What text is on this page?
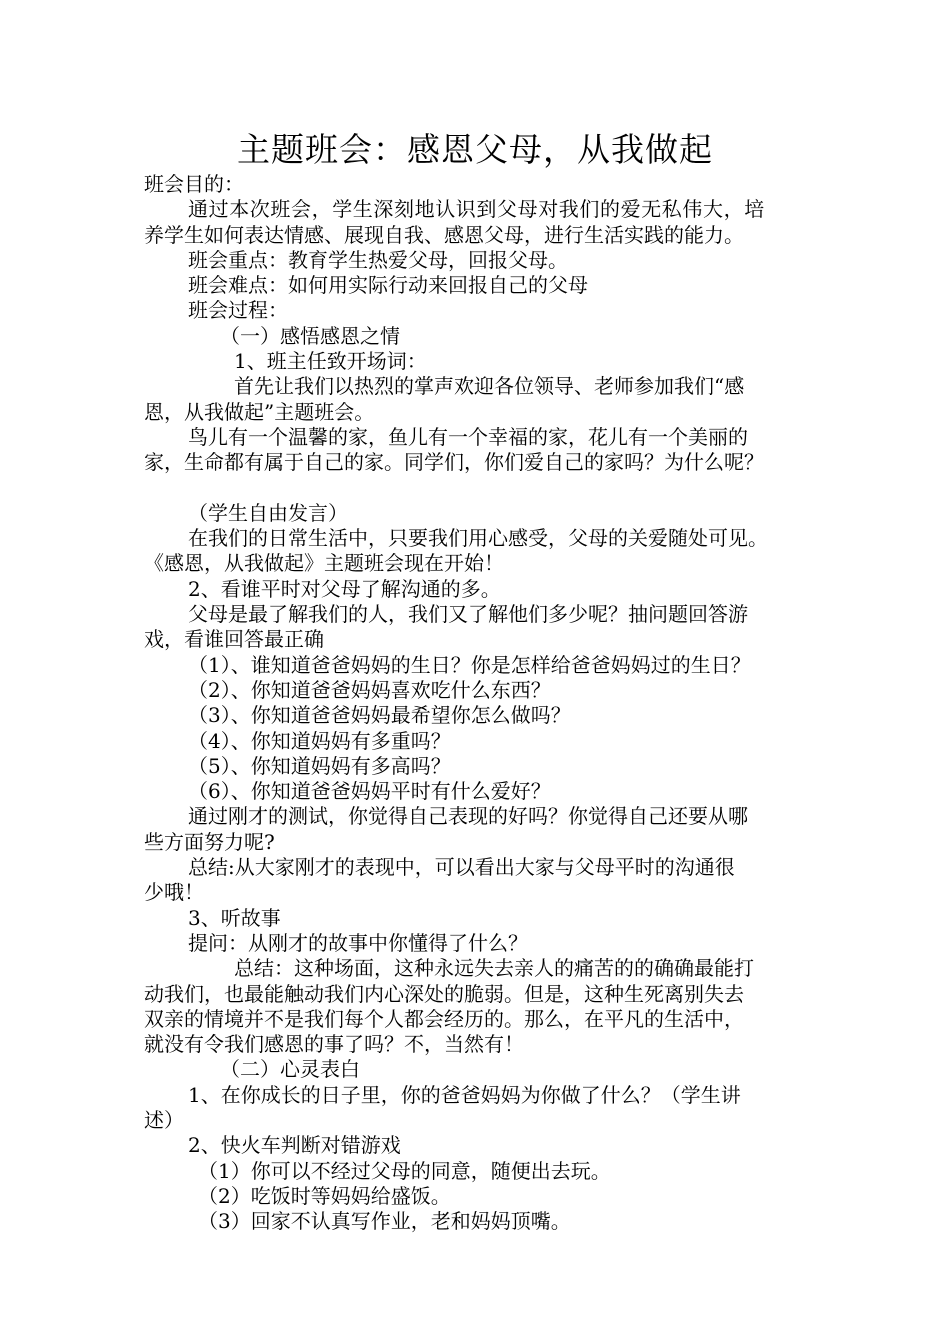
主题班会：感恩父母，从我做起
班会目的：
通过本次班会，学生深刻地认识到父母对我们的爱无私伟大，培
养学生如何表达情感、展现自我、感恩父母，进行生活实践的能力。
班会重点：教育学生热爱父母，回报父母。
班会难点：如何用实际行动来回报自己的父母
班会过程：
（一）感悟感恩之情
1、班主任致开场词：
首先让我们以热烈的掌声欢迎各位领导、老师参加我们“感
恩，从我做起”主题班会。
鸟儿有一个温馨的家，鱼儿有一个幸福的家，花儿有一个美丽的
家，生命都有属于自己的家。同学们，你们爱自己的家吗？为什么呢？
（学生自由发言）
在我们的日常生活中，只要我们用心感受，父母的关爱随处可见。
《感恩，从我做起》主题班会现在开始！
2、看谁平时对父母了解沟通的多。
父母是最了解我们的人，我们又了解他们多少呢？抽问题回答游
戏，看谁回答最正确
（1）、谁知道爸爸妈妈的生日？你是怎样给爸爸妈妈过的生日？
（2）、你知道爸爸妈妈喜欢吃什么东西？
（3）、你知道爸爸妈妈最希望你怎么做吗？
（4）、你知道妈妈有多重吗？
（5）、你知道妈妈有多高吗？
（6）、你知道爸爸妈妈平时有什么爱好？
通过刚才的测试，你觉得自己表现的好吗？你觉得自己还要从哪
些方面努力呢?
总结:从大家刚才的表现中，可以看出大家与父母平时的沟通很
少哦！
3、听故事
提问：从刚才的故事中你懂得了什么？
总结：这种场面，这种永远失去亲人的痛苦的的确确最能打
动我们，也最能触动我们内心深处的脆弱。但是，这种生死离别失去
双亲的情境并不是我们每个人都会经历的。那么，在平凡的生活中，
就没有令我们感恩的事了吗？不，当然有！
（二）心灵表白
1、在你成长的日子里，你的爸爸妈妈为你做了什么？（学生讲
述）
2、快火车判断对错游戏
（1）你可以不经过父母的同意，随便出去玩。
（2）吃饭时等妈妈给盛饭。
（3）回家不认真写作业，老和妈妈顶嘴。
